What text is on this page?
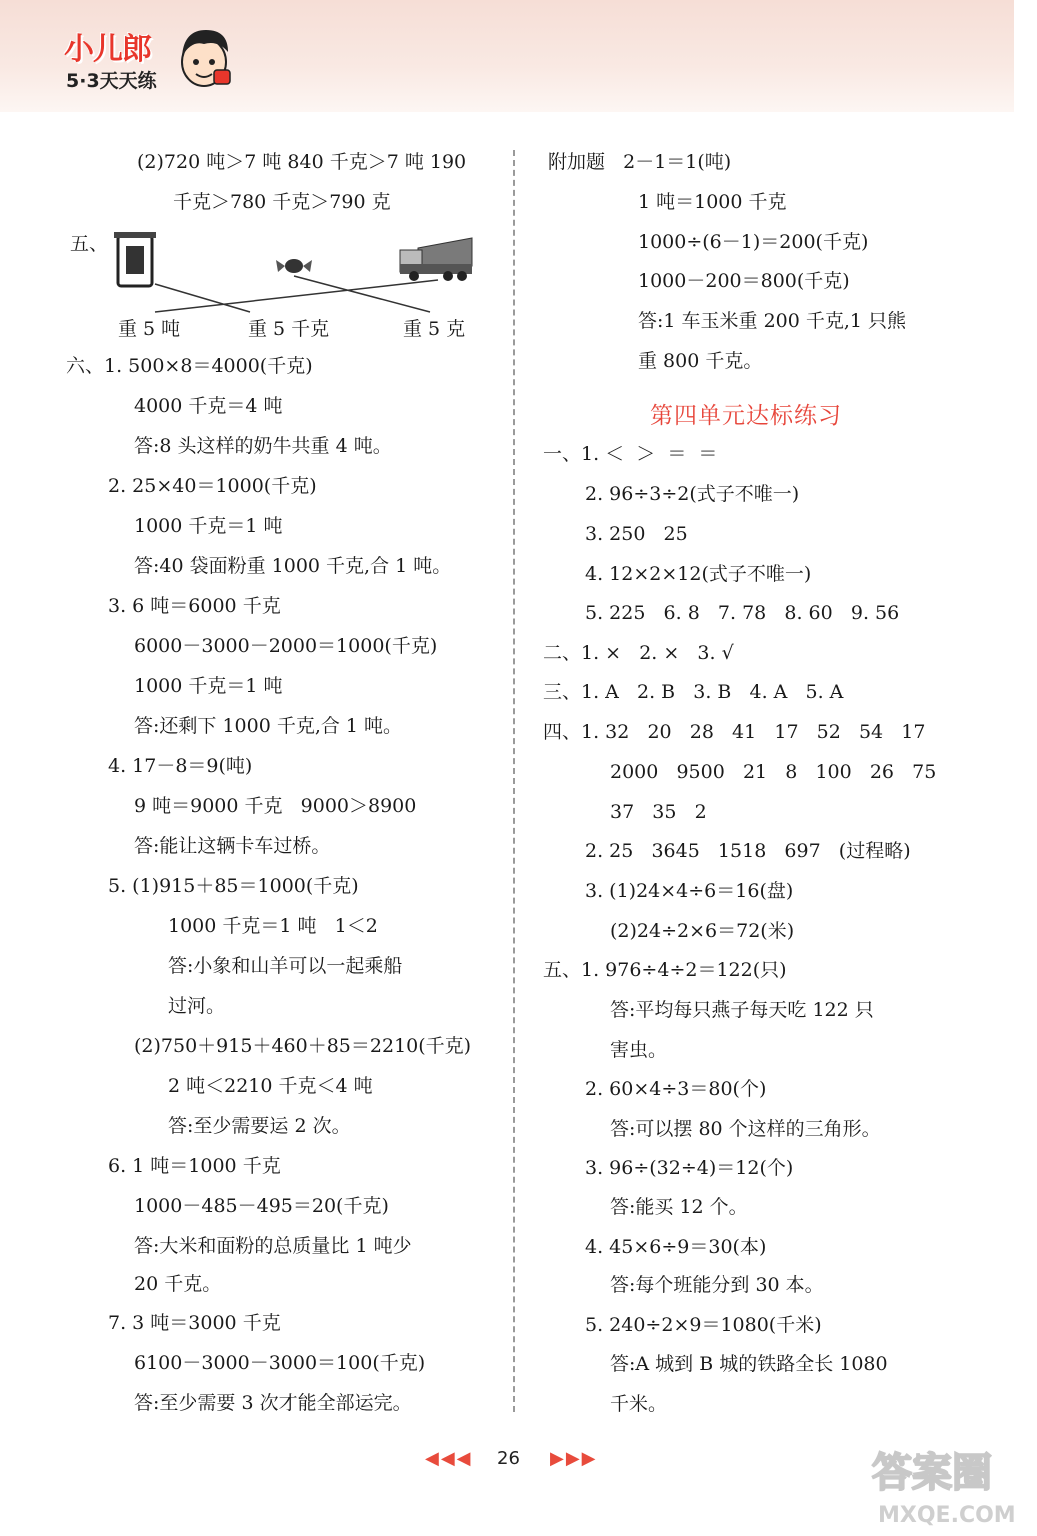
小儿郎
5·3天天练
(2)720 吨＞7 吨 840 千克＞7 吨 190
千克＞780 千克＞790 克
五、
六、1. 500×8＝4000(千克)
4000 千克＝4 吨
答:8 头这样的奶牛共重 4 吨。
2. 25×40＝1000(千克)
1000 千克＝1 吨
答:40 袋面粉重 1000 千克,合 1 吨。
3. 6 吨＝6000 千克
6000－3000－2000＝1000(千克)
1000 千克＝1 吨
答:还剩下 1000 千克,合 1 吨。
4. 17－8＝9(吨)
9 吨＝9000 千克   9000＞8900
答:能让这辆卡车过桥。
5. (1)915＋85＝1000(千克)
1000 千克＝1 吨   1＜2
答:小象和山羊可以一起乘船
过河。
(2)750＋915＋460＋85＝2210(千克)
2 吨＜2210 千克＜4 吨
答:至少需要运 2 次。
6. 1 吨＝1000 千克
1000－485－495＝20(千克)
答:大米和面粉的总质量比 1 吨少
20 千克。
7. 3 吨＝3000 千克
6100－3000－3000＝100(千克)
答:至少需要 3 次才能全部运完。
附加题   2－1＝1(吨)
1 吨＝1000 千克
1000÷(6－1)＝200(千克)
1000－200＝800(千克)
答:1 车玉米重 200 千克,1 只熊
重 800 千克。
一、1. ＜  ＞  ＝  ＝
2. 96÷3÷2(式子不唯一)
3. 250   25
4. 12×2×12(式子不唯一)
5. 225   6. 8   7. 78   8. 60   9. 56
二、1. ×   2. ×   3. √
三、1. A   2. B   3. B   4. A   5. A
四、1. 32   20   28   41   17   52   54   17
2000   9500   21   8   100   26   75
37   35   2
2. 25   3645   1518   697   (过程略)
3. (1)24×4÷6＝16(盘)
(2)24÷2×6＝72(米)
五、1. 976÷4÷2＝122(只)
答:平均每只燕子每天吃 122 只
害虫。
2. 60×4÷3＝80(个)
答:可以摆 80 个这样的三角形。
3. 96÷(32÷4)＝12(个)
答:能买 12 个。
4. 45×6÷9＝30(本)
答:每个班能分到 30 本。
5. 240÷2×9＝1080(千米)
答:A 城到 B 城的铁路全长 1080
千米。
重 5 吨	重 5 千克	重 5 克
第四单元达标练习
◀◀◀ 26 ▶▶▶	答案圈
MXQE.COM
